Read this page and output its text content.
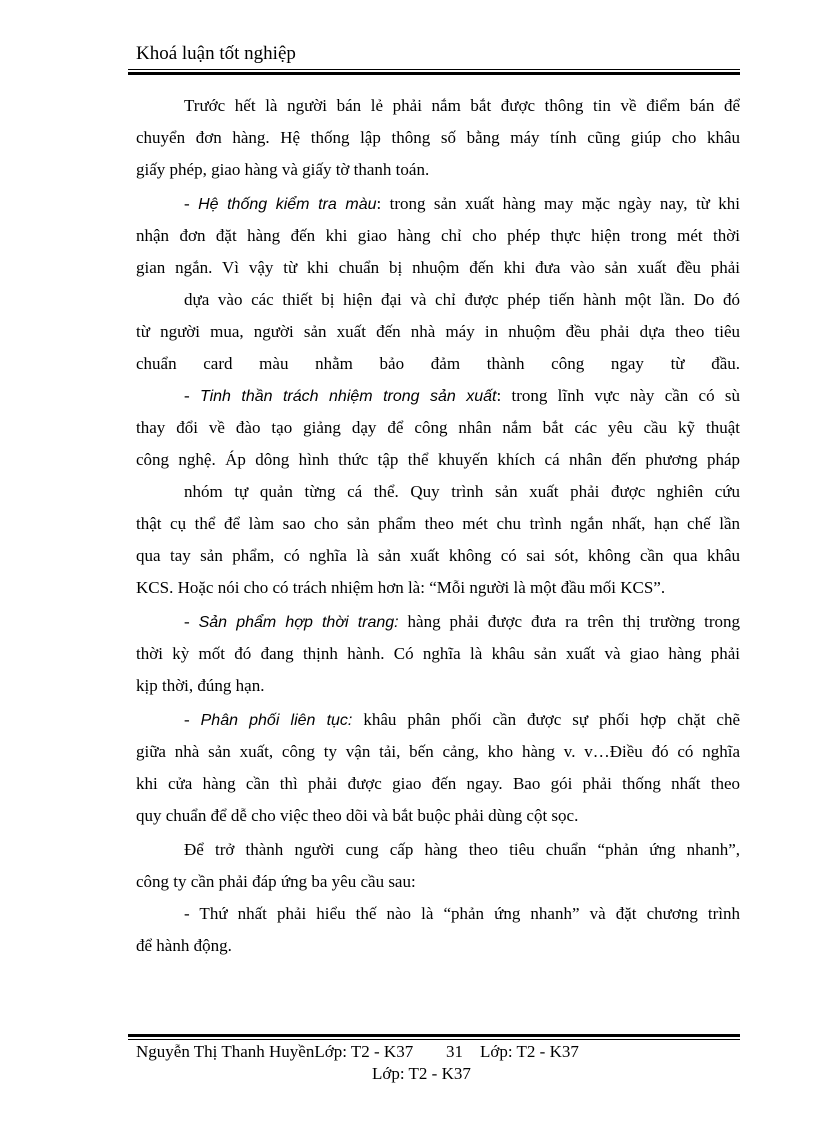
Khoá luận tốt nghiệp
Trước hết là người bán lẻ phải nắm bắt được thông tin về điểm bán để
chuyển đơn hàng. Hệ thống lập thông số bằng máy tính cũng giúp cho khâu
giấy phép, giao hàng và giấy tờ thanh toán.
- Hệ thống kiểm tra màu: trong sản xuất hàng may mặc ngày nay, từ khi
nhận đơn đặt hàng đến khi giao hàng chỉ cho phép thực hiện trong mét thời
gian ngắn. Vì vậy từ khi chuẩn bị nhuộm đến khi đưa vào sản xuất đều phải
dựa vào các thiết bị hiện đại và chỉ được phép tiến hành một lần. Do đó
từ người mua, người sản xuất đến nhà máy in nhuộm đều phải dựa theo tiêu
chuẩn card màu nhằm bảo đảm thành công ngay từ đầu.
- Tinh thần trách nhiệm trong sản xuất: trong lĩnh vực này cần có sù
thay đổi về đào tạo giảng dạy để công nhân nắm bắt các yêu cầu kỹ thuật
công nghệ. Áp dông hình thức tập thể khuyến khích cá nhân đến phương pháp
nhóm tự quản từng cá thể. Quy trình sản xuất phải được nghiên cứu
thật cụ thể để làm sao cho sản phẩm theo mét chu trình ngắn nhất, hạn chế lần
qua tay sản phẩm, có nghĩa là sản xuất không có sai sót, không cần qua khâu
KCS. Hoặc nói cho có trách nhiệm hơn là: “Mỗi người là một đầu mối KCS”.
- Sản phẩm hợp thời trang: hàng phải được đưa ra trên thị trường trong
thời kỳ mốt đó đang thịnh hành. Có nghĩa là khâu sản xuất và giao hàng phải
kịp thời, đúng hạn.
- Phân phối liên tục: khâu phân phối cần được sự phối hợp chặt chẽ
giữa nhà sản xuất, công ty vận tải, bến cảng, kho hàng v. v…Điều đó có nghĩa
khi cửa hàng cần thì phải được giao đến ngay. Bao gói phải thống nhất theo
quy chuẩn để dễ cho việc theo dõi và bắt buộc phải dùng cột sọc.
Để trở thành người cung cấp hàng theo tiêu chuẩn “phản ứng nhanh”,
công ty cần phải đáp ứng ba yêu cầu sau:
- Thứ nhất phải hiểu thế nào là “phản ứng nhanh” và đặt chương trình
để hành động.
Nguyễn Thị Thanh HuyềnLớp: T2 - K37 31 Lớp: T2 - K37
Lớp: T2 - K37
